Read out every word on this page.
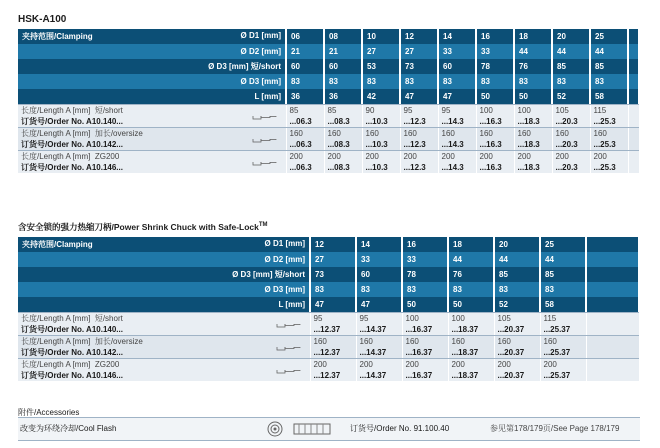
HSK-A100
夹持范围/Clamping Ø D1 [mm]	06	08	10	12	14	16	18	20	25	

Ø D2 [mm]	21	21	27	27	33	33	44	44	44	

Ø D3 [mm] 短/short	60	60	53	73	60	78	76	85	85	

Ø D3 [mm]	83	83	83	83	83	83	83	83	83	

L [mm]	36	36	42	47	47	50	50	52	58	

长度/Length A [mm] 短/short	85	85	90	95	95	100	100	105	115	
订货号/Order No. A10.140...	...06.3	...08.3	...10.3	...12.3	...14.3	...16.3	...18.3	...20.3	...25.3	

长度/Length A [mm] 加长/oversize	160	160	160	160	160	160	160	160	160	
订货号/Order No. A10.142...	...06.3	...08.3	...10.3	...12.3	...14.3	...16.3	...18.3	...20.3	...25.3	

长度/Length A [mm] ZG200	200	200	200	200	200	200	200	200	200	
订货号/Order No. A10.146...	...06.3	...08.3	...10.3	...12.3	...14.3	...16.3	...18.3	...20.3	...25.3	
含安全锁的强力热缩刀柄/Power Shrink Chuck with Safe-Lock™
夹持范围/Clamping Ø D1 [mm]	12	14	16	18	20	25	

Ø D2 [mm]	27	33	33	44	44	44	

Ø D3 [mm] 短/short	73	60	78	76	85	85	

Ø D3 [mm]	83	83	83	83	83	83	

L [mm]	47	47	50	50	52	58	

长度/Length A [mm] 短/short	95	95	100	100	105	115	
订货号/Order No. A10.140...	...12.37	...14.37	...16.37	...18.37	...20.37	...25.37	

长度/Length A [mm] 加长/oversize	160	160	160	160	160	160	
订货号/Order No. A10.142...	...12.37	...14.37	...16.37	...18.37	...20.37	...25.37	

长度/Length A [mm] ZG200	200	200	200	200	200	200	
订货号/Order No. A10.146...	...12.37	...14.37	...16.37	...18.37	...20.37	...25.37	
附件/Accessories
改变为环绕冷却/Cool Flash	订货号/Order No. 91.100.40	参见第178/179页/See Page 178/179
